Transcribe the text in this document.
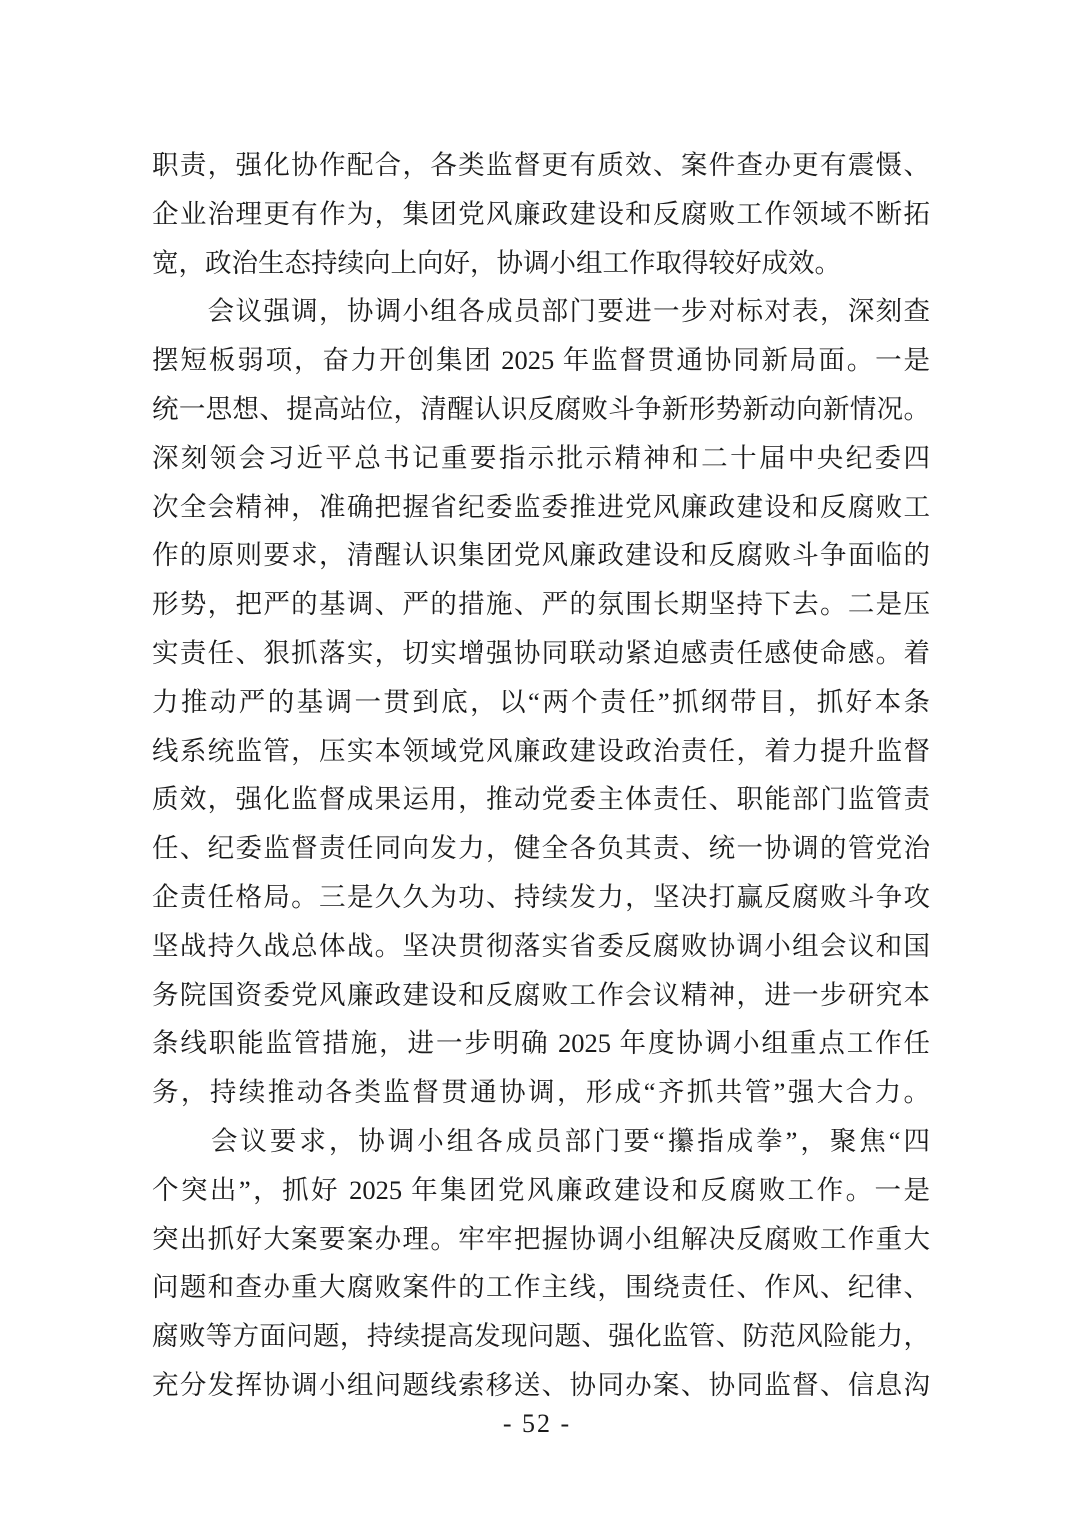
职责，强化协作配合，各类监督更有质效、案件查办更有震慑、
企业治理更有作为，集团党风廉政建设和反腐败工作领域不断拓
宽，政治生态持续向上向好，协调小组工作取得较好成效。
　　会议强调，协调小组各成员部门要进一步对标对表，深刻查
摆短板弱项，奋力开创集团 2025 年监督贯通协同新局面。一是
统一思想、提高站位，清醒认识反腐败斗争新形势新动向新情况。
深刻领会习近平总书记重要指示批示精神和二十届中央纪委四
次全会精神，准确把握省纪委监委推进党风廉政建设和反腐败工
作的原则要求，清醒认识集团党风廉政建设和反腐败斗争面临的
形势，把严的基调、严的措施、严的氛围长期坚持下去。二是压
实责任、狠抓落实，切实增强协同联动紧迫感责任感使命感。着
力推动严的基调一贯到底，以“两个责任”抓纲带目，抓好本条
线系统监管，压实本领域党风廉政建设政治责任，着力提升监督
质效，强化监督成果运用，推动党委主体责任、职能部门监管责
任、纪委监督责任同向发力，健全各负其责、统一协调的管党治
企责任格局。三是久久为功、持续发力，坚决打赢反腐败斗争攻
坚战持久战总体战。坚决贯彻落实省委反腐败协调小组会议和国
务院国资委党风廉政建设和反腐败工作会议精神，进一步研究本
条线职能监管措施，进一步明确 2025 年度协调小组重点工作任
务，持续推动各类监督贯通协调，形成“齐抓共管”强大合力。
　　会议要求，协调小组各成员部门要“攥指成拳”，聚焦“四
个突出”，抓好 2025 年集团党风廉政建设和反腐败工作。一是
突出抓好大案要案办理。牢牢把握协调小组解决反腐败工作重大
问题和查办重大腐败案件的工作主线，围绕责任、作风、纪律、
腐败等方面问题，持续提高发现问题、强化监管、防范风险能力，
充分发挥协调小组问题线索移送、协同办案、协同监督、信息沟
- 52 -
